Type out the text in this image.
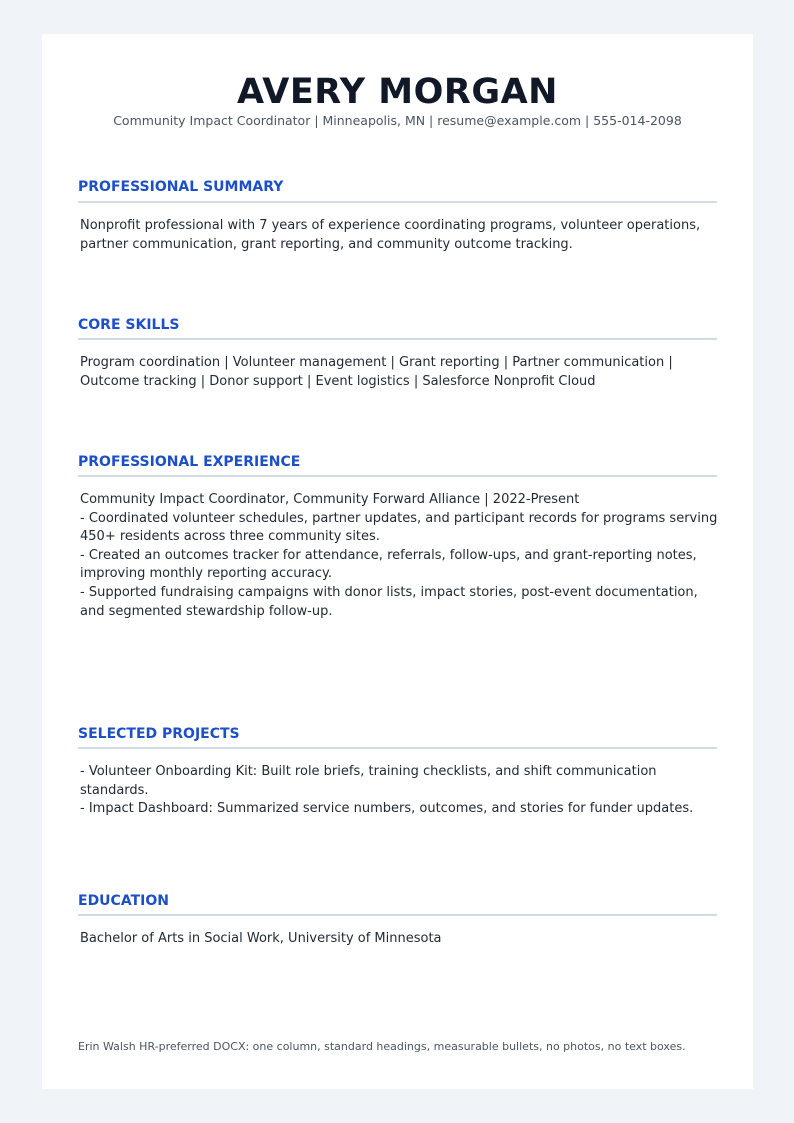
AVERY MORGAN
Community Impact Coordinator | Minneapolis, MN | resume@example.com | 555-014-2098
PROFESSIONAL SUMMARY
Nonprofit professional with 7 years of experience coordinating programs, volunteer operations,
partner communication, grant reporting, and community outcome tracking.
CORE SKILLS
Program coordination | Volunteer management | Grant reporting | Partner communication |
Outcome tracking | Donor support | Event logistics | Salesforce Nonprofit Cloud
PROFESSIONAL EXPERIENCE
Community Impact Coordinator, Community Forward Alliance | 2022-Present
- Coordinated volunteer schedules, partner updates, and participant records for programs serving
450+ residents across three community sites.
- Created an outcomes tracker for attendance, referrals, follow-ups, and grant-reporting notes,
improving monthly reporting accuracy.
- Supported fundraising campaigns with donor lists, impact stories, post-event documentation,
and segmented stewardship follow-up.
SELECTED PROJECTS
- Volunteer Onboarding Kit: Built role briefs, training checklists, and shift communication
standards.
- Impact Dashboard: Summarized service numbers, outcomes, and stories for funder updates.
EDUCATION
Bachelor of Arts in Social Work, University of Minnesota
Erin Walsh HR-preferred DOCX: one column, standard headings, measurable bullets, no photos, no text boxes.
